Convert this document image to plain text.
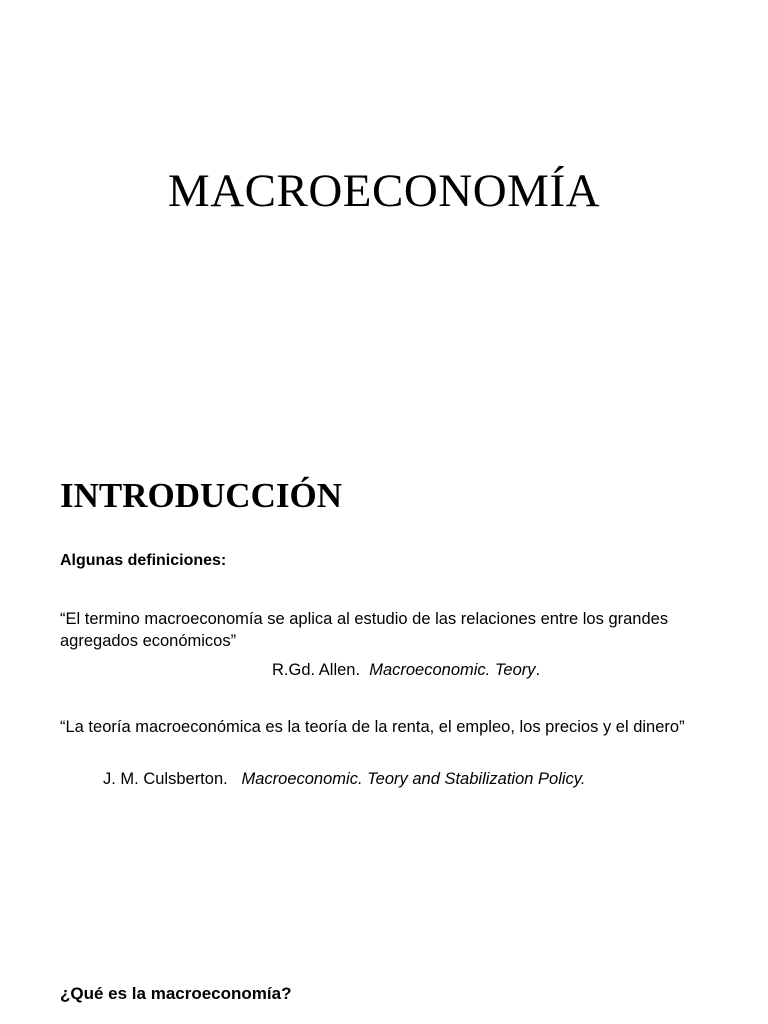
MACROECONOMÍA
INTRODUCCIÓN

Algunas definiciones:

“El termino macroeconomía se aplica al estudio de las relaciones entre los grandes agregados económicos”

R.Gd. Allen. Macroeconomic. Teory.

“La teoría macroeconómica es la teoría de la renta, el empleo, los precios y el dinero”

J. M. Culsberton. Macroeconomic. Teory and Stabilization Policy.

¿Qué es la macroeconomía?
